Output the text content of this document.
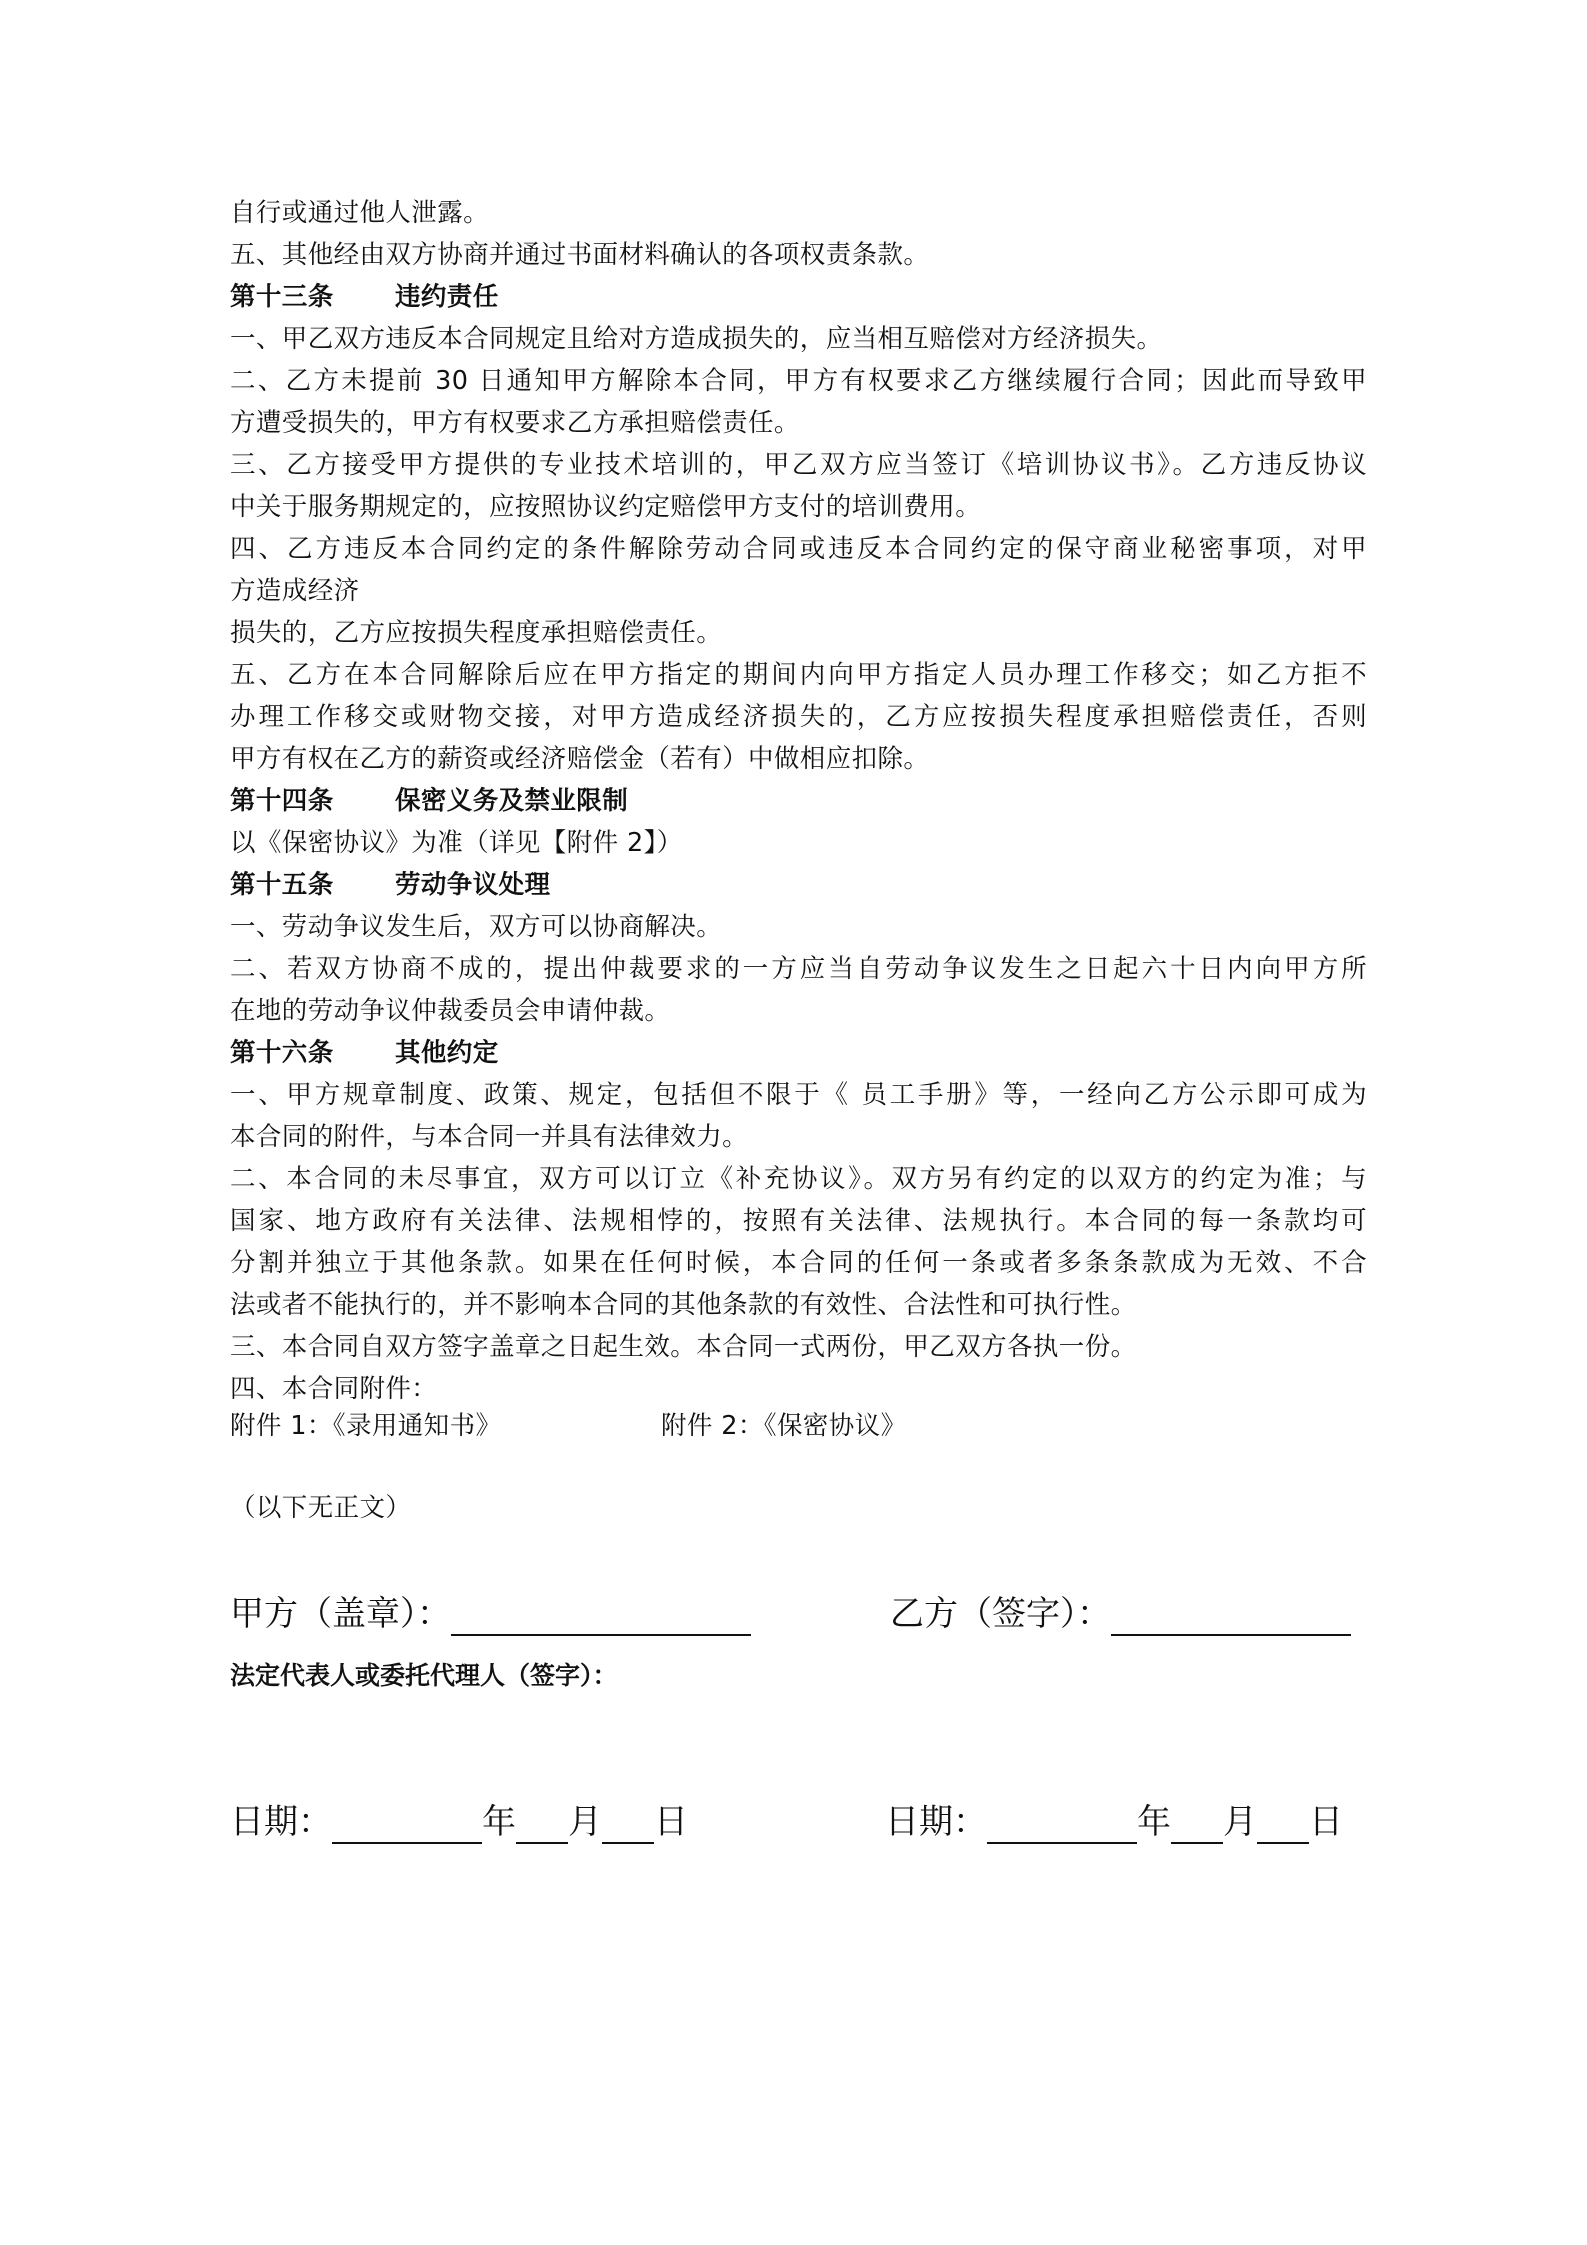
自行或通过他人泄露。
五、其他经由双方协商并通过书面材料确认的各项权责条款。
第十三条 违约责任
一、甲乙双方违反本合同规定且给对方造成损失的，应当相互赔偿对方经济损失。
二、乙方未提前 30 日通知甲方解除本合同，甲方有权要求乙方继续履行合同；因此而导致甲
方遭受损失的，甲方有权要求乙方承担赔偿责任。
三、乙方接受甲方提供的专业技术培训的，甲乙双方应当签订《培训协议书》。乙方违反协议
中关于服务期规定的，应按照协议约定赔偿甲方支付的培训费用。
四、乙方违反本合同约定的条件解除劳动合同或违反本合同约定的保守商业秘密事项，对甲
方造成经济
损失的，乙方应按损失程度承担赔偿责任。
五、乙方在本合同解除后应在甲方指定的期间内向甲方指定人员办理工作移交；如乙方拒不
办理工作移交或财物交接，对甲方造成经济损失的，乙方应按损失程度承担赔偿责任，否则
甲方有权在乙方的薪资或经济赔偿金（若有）中做相应扣除。
第十四条 保密义务及禁业限制
以《保密协议》为准（详见【附件 2】）
第十五条 劳动争议处理
一、劳动争议发生后，双方可以协商解决。
二、若双方协商不成的，提出仲裁要求的一方应当自劳动争议发生之日起六十日内向甲方所
在地的劳动争议仲裁委员会申请仲裁。
第十六条 其他约定
一、甲方规章制度、政策、规定，包括但不限于《 员工手册》等，一经向乙方公示即可成为
本合同的附件，与本合同一并具有法律效力。
二、本合同的未尽事宜，双方可以订立《补充协议》。双方另有约定的以双方的约定为准；与
国家、地方政府有关法律、法规相悖的，按照有关法律、法规执行。本合同的每一条款均可
分割并独立于其他条款。如果在任何时候，本合同的任何一条或者多条条款成为无效、不合
法或者不能执行的，并不影响本合同的其他条款的有效性、合法性和可执行性。
三、本合同自双方签字盖章之日起生效。本合同一式两份，甲乙双方各执一份。
四、本合同附件：
附件 1：《录用通知书》	附件 2：《保密协议》
（以下无正文）
甲方（盖章）：	乙方（签字）：
法定代表人或委托代理人（签字）：
日期：	年 月 日	日期：	年 月 日
